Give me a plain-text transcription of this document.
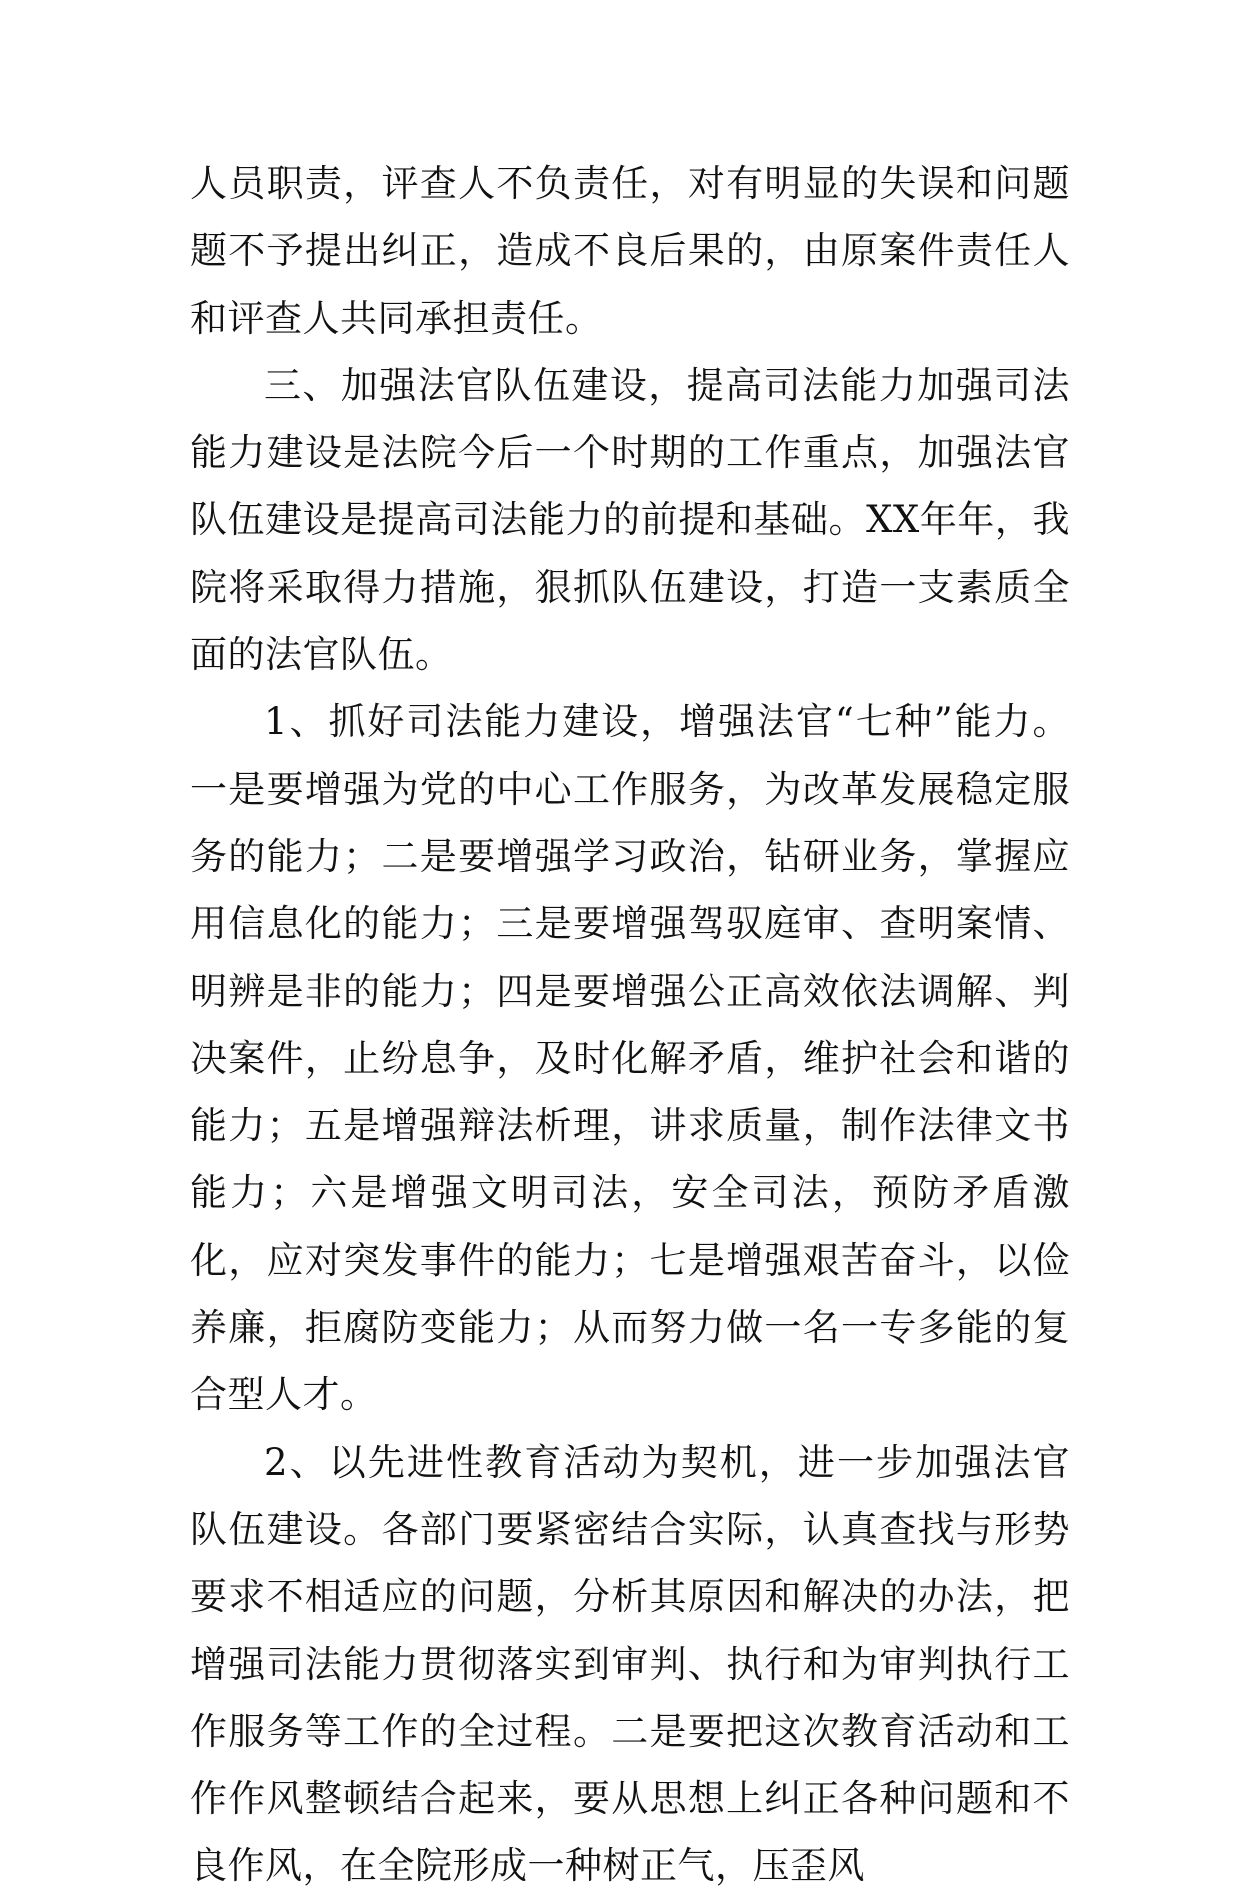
人员职责，评查人不负责任，对有明显的失误和问题题不予提出纠正，造成不良后果的，由原案件责任人和评查人共同承担责任。

三、加强法官队伍建设，提高司法能力加强司法能力建设是法院今后一个时期的工作重点，加强法官队伍建设是提高司法能力的前提和基础。XX年年，我院将采取得力措施，狠抓队伍建设，打造一支素质全面的法官队伍。

1、抓好司法能力建设，增强法官“七种”能力。一是要增强为党的中心工作服务，为改革发展稳定服务的能力；二是要增强学习政治，钻研业务，掌握应用信息化的能力；三是要增强驾驭庭审、查明案情、明辨是非的能力；四是要增强公正高效依法调解、判决案件，止纷息争，及时化解矛盾，维护社会和谐的能力；五是增强辩法析理，讲求质量，制作法律文书能力；六是增强文明司法，安全司法，预防矛盾激化，应对突发事件的能力；七是增强艰苦奋斗，以俭养廉，拒腐防变能力；从而努力做一名一专多能的复合型人才。

2、以先进性教育活动为契机，进一步加强法官队伍建设。各部门要紧密结合实际，认真查找与形势要求不相适应的问题，分析其原因和解决的办法，把增强司法能力贯彻落实到审判、执行和为审判执行工作服务等工作的全过程。二是要把这次教育活动和工作作风整顿结合起来，要从思想上纠正各种问题和不良作风，在全院形成一种树正气，压歪风
